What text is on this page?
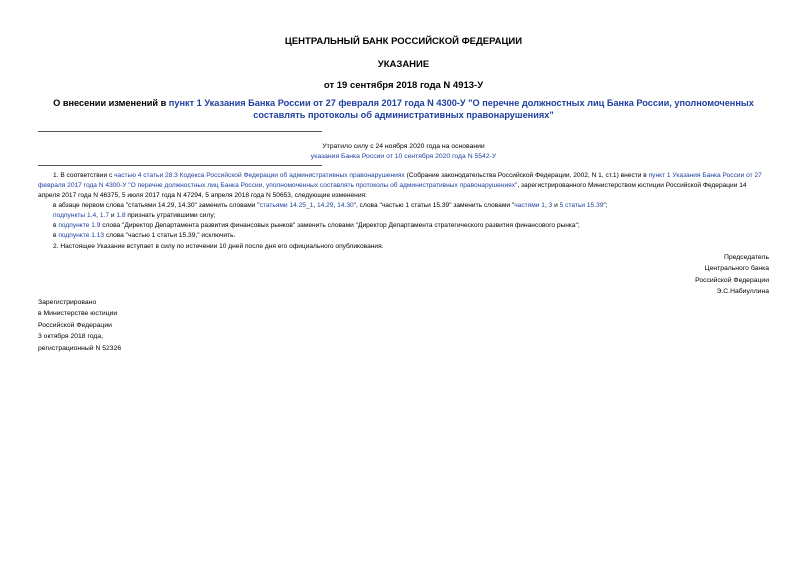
ЦЕНТРАЛЬНЫЙ БАНК РОССИЙСКОЙ ФЕДЕРАЦИИ
УКАЗАНИЕ
от 19 сентября 2018 года N 4913-У
О внесении изменений в пункт 1 Указания Банка России от 27 февраля 2017 года N 4300-У "О перечне должностных лиц Банка России, уполномоченных составлять протоколы об административных правонарушениях"
Утратило силу с 24 ноября 2020 года на основании
указания Банка России от 10 сентября 2020 года N 5542-У

1. В соответствии с частью 4 статьи 28.3 Кодекса Российской Федерации об административных правонарушениях (Собрание законодательства Российской Федерации, 2002, N 1, ст.1) внести в пункт 1 Указания Банка России от 27 февраля 2017 года N 4300-У "О перечне должностных лиц Банка России, уполномоченных составлять протоколы об административных правонарушениях", зарегистрированного Министерством юстиции Российской Федерации 14 апреля 2017 года N 46375, 5 июля 2017 года N 47294, 5 апреля 2018 года N 50653, следующие изменения:

в абзаце первом слова "статьями 14.29, 14.30" заменить словами "статьями 14.25_1, 14.29, 14.30", слова "частью 1 статьи 15.39" заменить словами "частями 1, 3 и 5 статьи 15.39";

подпункты 1.4, 1.7 и 1.8 признать утратившими силу;

в подпункте 1.9 слова "Директор Департамента развития финансовых рынков" заменить словами "Директор Департамента стратегического развития финансового рынка";

в подпункте 1.13 слова "частью 1 статьи 15.39," исключить.

2. Настоящее Указание вступает в силу по истечении 10 дней после дня его официального опубликования.

Председатель
Центрального банка
Российской Федерации
Э.С.Набиуллина
Зарегистрировано
в Министерстве юстиции
Российской Федерации
3 октября 2018 года,
регистрационный N 52326
